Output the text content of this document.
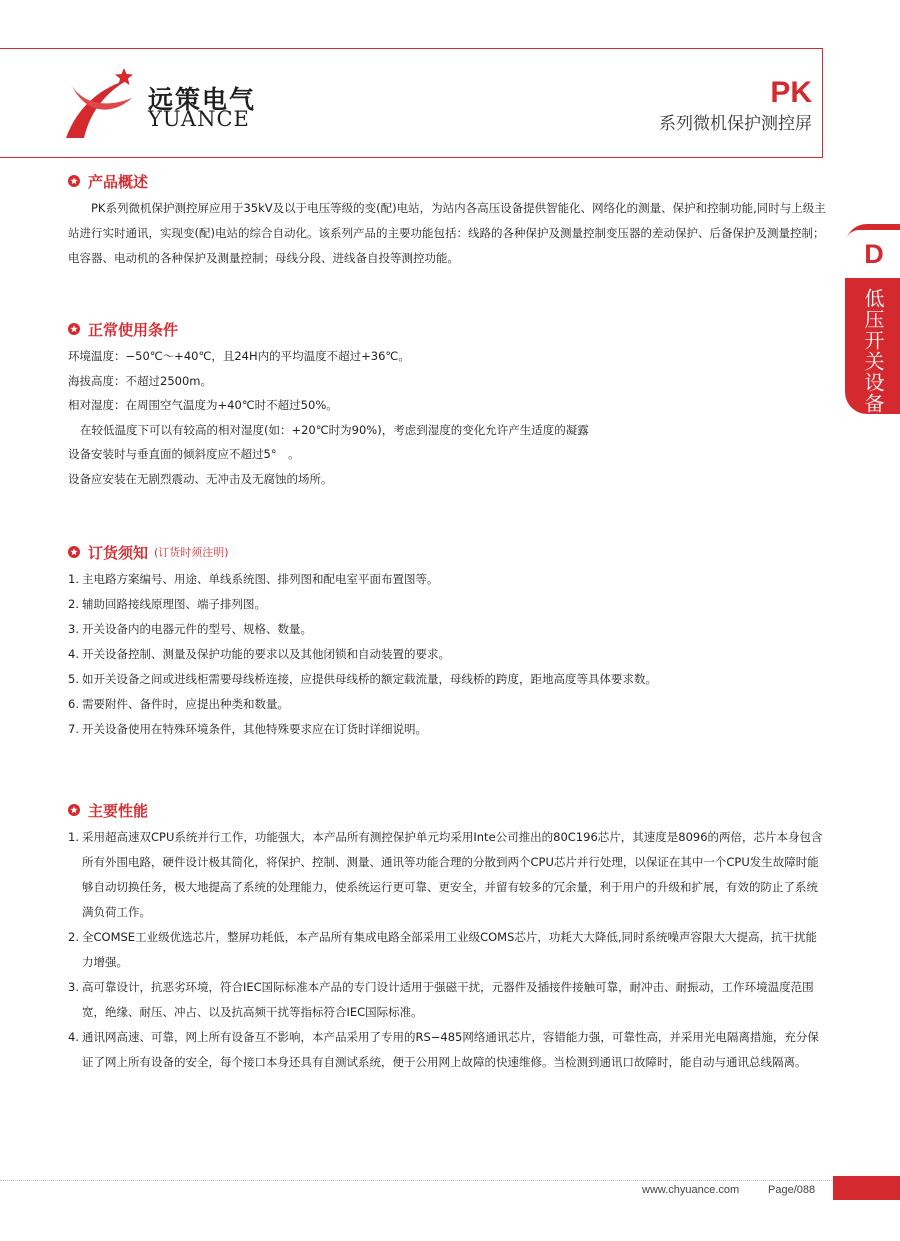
远策电气
YUANCE
PK
系列微机保护测控屏
D
低压开关设备
产品概述

PK系列微机保护测控屏应用于35kV及以于电压等级的变(配)电站，为站内各高压设备提供智能化、网络化的测量、保护和控制功能,同时与上级主站进行实时通讯，实现变(配)电站的综合自动化。该系列产品的主要功能包括：线路的各种保护及测量控制变压器的差动保护、后备保护及测量控制；电容器、电动机的各种保护及测量控制；母线分段、进线备自投等测控功能。

正常使用条件
环境温度：−50℃～+40℃，且24H内的平均温度不超过+36℃。
海拔高度：不超过2500m。
相对湿度：在周围空气温度为+40℃时不超过50%。
在较低温度下可以有较高的相对湿度(如：+20℃时为90%)，考虑到湿度的变化允许产生适度的凝露
设备安装时与垂直面的倾斜度应不超过5°　。
设备应安装在无剧烈震动、无冲击及无腐蚀的场所。
订货须知 (订货时须注明)
1. 主电路方案编号、用途、单线系统图、排列图和配电室平面布置图等。
2. 辅助回路接线原理图、端子排列图。
3. 开关设备内的电器元件的型号、规格、数量。
4. 开关设备控制、测量及保护功能的要求以及其他闭锁和自动装置的要求。
5. 如开关设备之间或进线柜需要母线桥连接，应提供母线桥的额定载流量，母线桥的跨度，距地高度等具体要求数。
6. 需要附件、备件时，应提出种类和数量。
7. 开关设备使用在特殊环境条件，其他特殊要求应在订货时详细说明。
主要性能
1. 采用超高速双CPU系统并行工作，功能强大，本产品所有测控保护单元均采用Inte公司推出的80C196芯片，其速度是8096的两倍，芯片本身包含所有外围电路，硬件设计极其简化，将保护、控制、测量、通讯等功能合理的分散到两个CPU芯片并行处理，以保证在其中一个CPU发生故障时能够自动切换任务，极大地提高了系统的处理能力，使系统运行更可靠、更安全，并留有较多的冗余量，利于用户的升级和扩展，有效的防止了系统满负荷工作。
2. 全COMSE工业级优选芯片，整屏功耗低，本产品所有集成电路全部采用工业级COMS芯片，功耗大大降低,同时系统噪声容限大大提高，抗干扰能力增强。
3. 高可靠设计，抗恶劣环境，符合IEC国际标准本产品的专门设计适用于强磁干扰，元器件及插接件接触可靠，耐冲击、耐振动，工作环境温度范围宽，绝缘、耐压、冲占、以及抗高频干扰等指标符合IEC国际标准。
4. 通讯网高速、可靠，网上所有设备互不影响，本产品采用了专用的RS−485网络通讯芯片，容错能力强，可靠性高，并采用光电隔离措施，充分保证了网上所有设备的安全，每个接口本身还具有自测试系统，便于公用网上故障的快速维修。当检测到通讯口故障时，能自动与通讯总线隔离。
www.chyuance.com	Page/088
